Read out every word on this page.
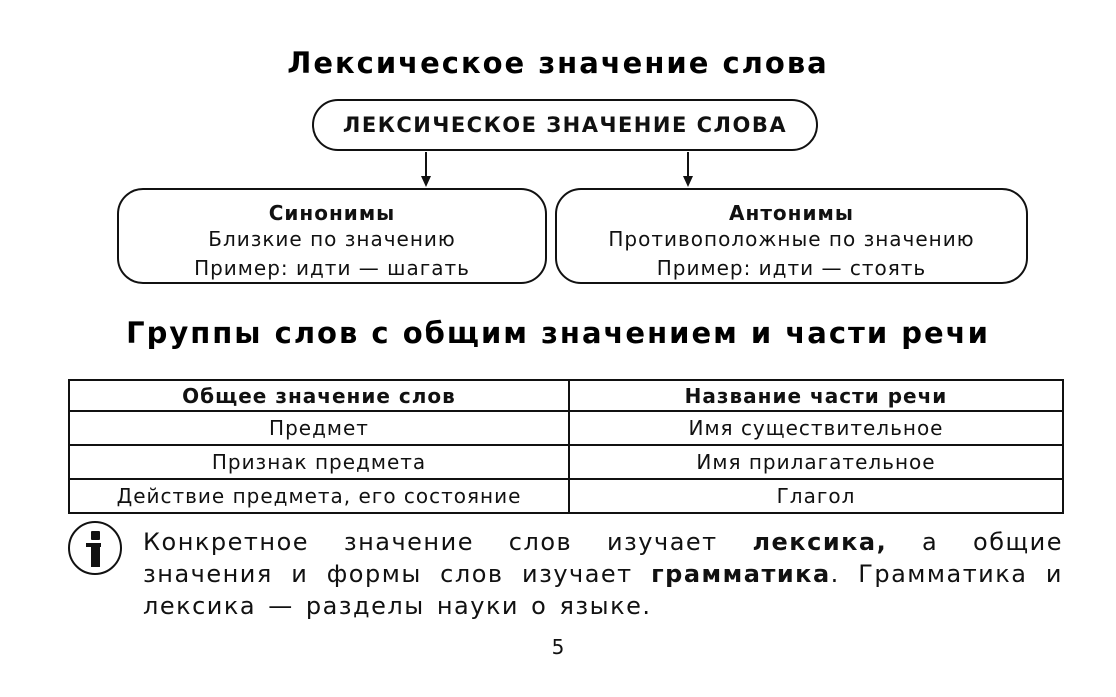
Лексическое значение слова
ЛЕКСИЧЕСКОЕ ЗНАЧЕНИЕ СЛОВА
Синонимы
Близкие по значению
Пример: идти — шагать
Антонимы
Противоположные по значению
Пример: идти — стоять
Группы слов с общим значением и части речи
Общее значение слов	Название части речи
Предмет	Имя существительное
Признак предмета	Имя прилагательное
Действие предмета, его состояние	Глагол
Конкретное значение слов изучает лексика, а общие значения и формы слов изучает грамматика. Грамматика и лексика — разделы науки о языке.
5
